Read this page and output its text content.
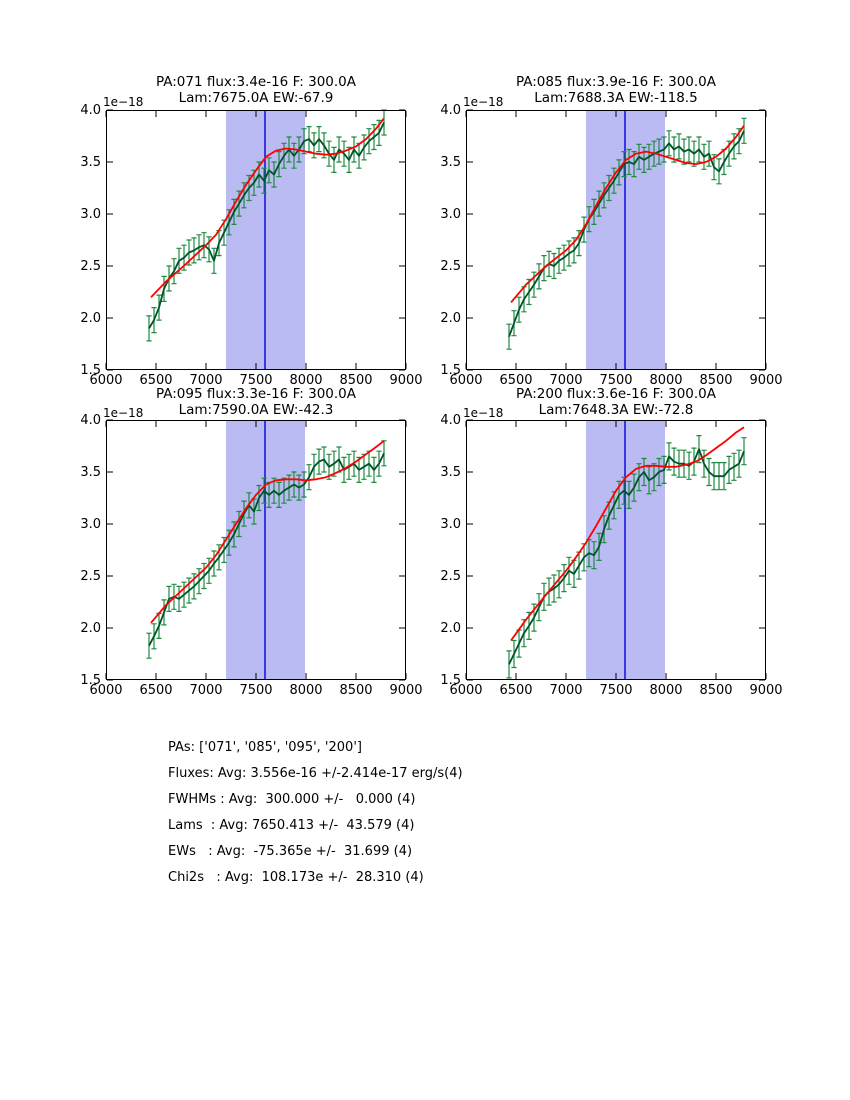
PA:071 flux:3.4e-16 F: 300.0A
Lam:7675.0A EW:-67.9
PA:085 flux:3.9e-16 F: 300.0A
Lam:7688.3A EW:-118.5
PA:095 flux:3.3e-16 F: 300.0A
Lam:7590.0A EW:-42.3
PA:200 flux:3.6e-16 F: 300.0A
Lam:7648.3A EW:-72.8
1e−18	1e−18
1e−18	1e−18
6000	6500	7000	7500	8000	8500	9000
1.5
2.0
2.5
3.0
3.5
4.0
6000	6500	7000	7500	8000	8500	9000
1.5
2.0
2.5
3.0
3.5
4.0
6000	6500	7000	7500	8000	8500	9000
1.5
2.0
2.5
3.0
3.5
4.0
6000	6500	7000	7500	8000	8500	9000
1.5
2.0
2.5
3.0
3.5
4.0
PAs: ['071', '085', '095', '200']
Fluxes: Avg: 3.556e-16 +/-2.414e-17 erg/s(4)
FWHMs : Avg:  300.000 +/-   0.000 (4)
Lams  : Avg: 7650.413 +/-  43.579 (4)
EWs   : Avg:  -75.365e +/-  31.699 (4)
Chi2s   : Avg:  108.173e +/-  28.310 (4)
